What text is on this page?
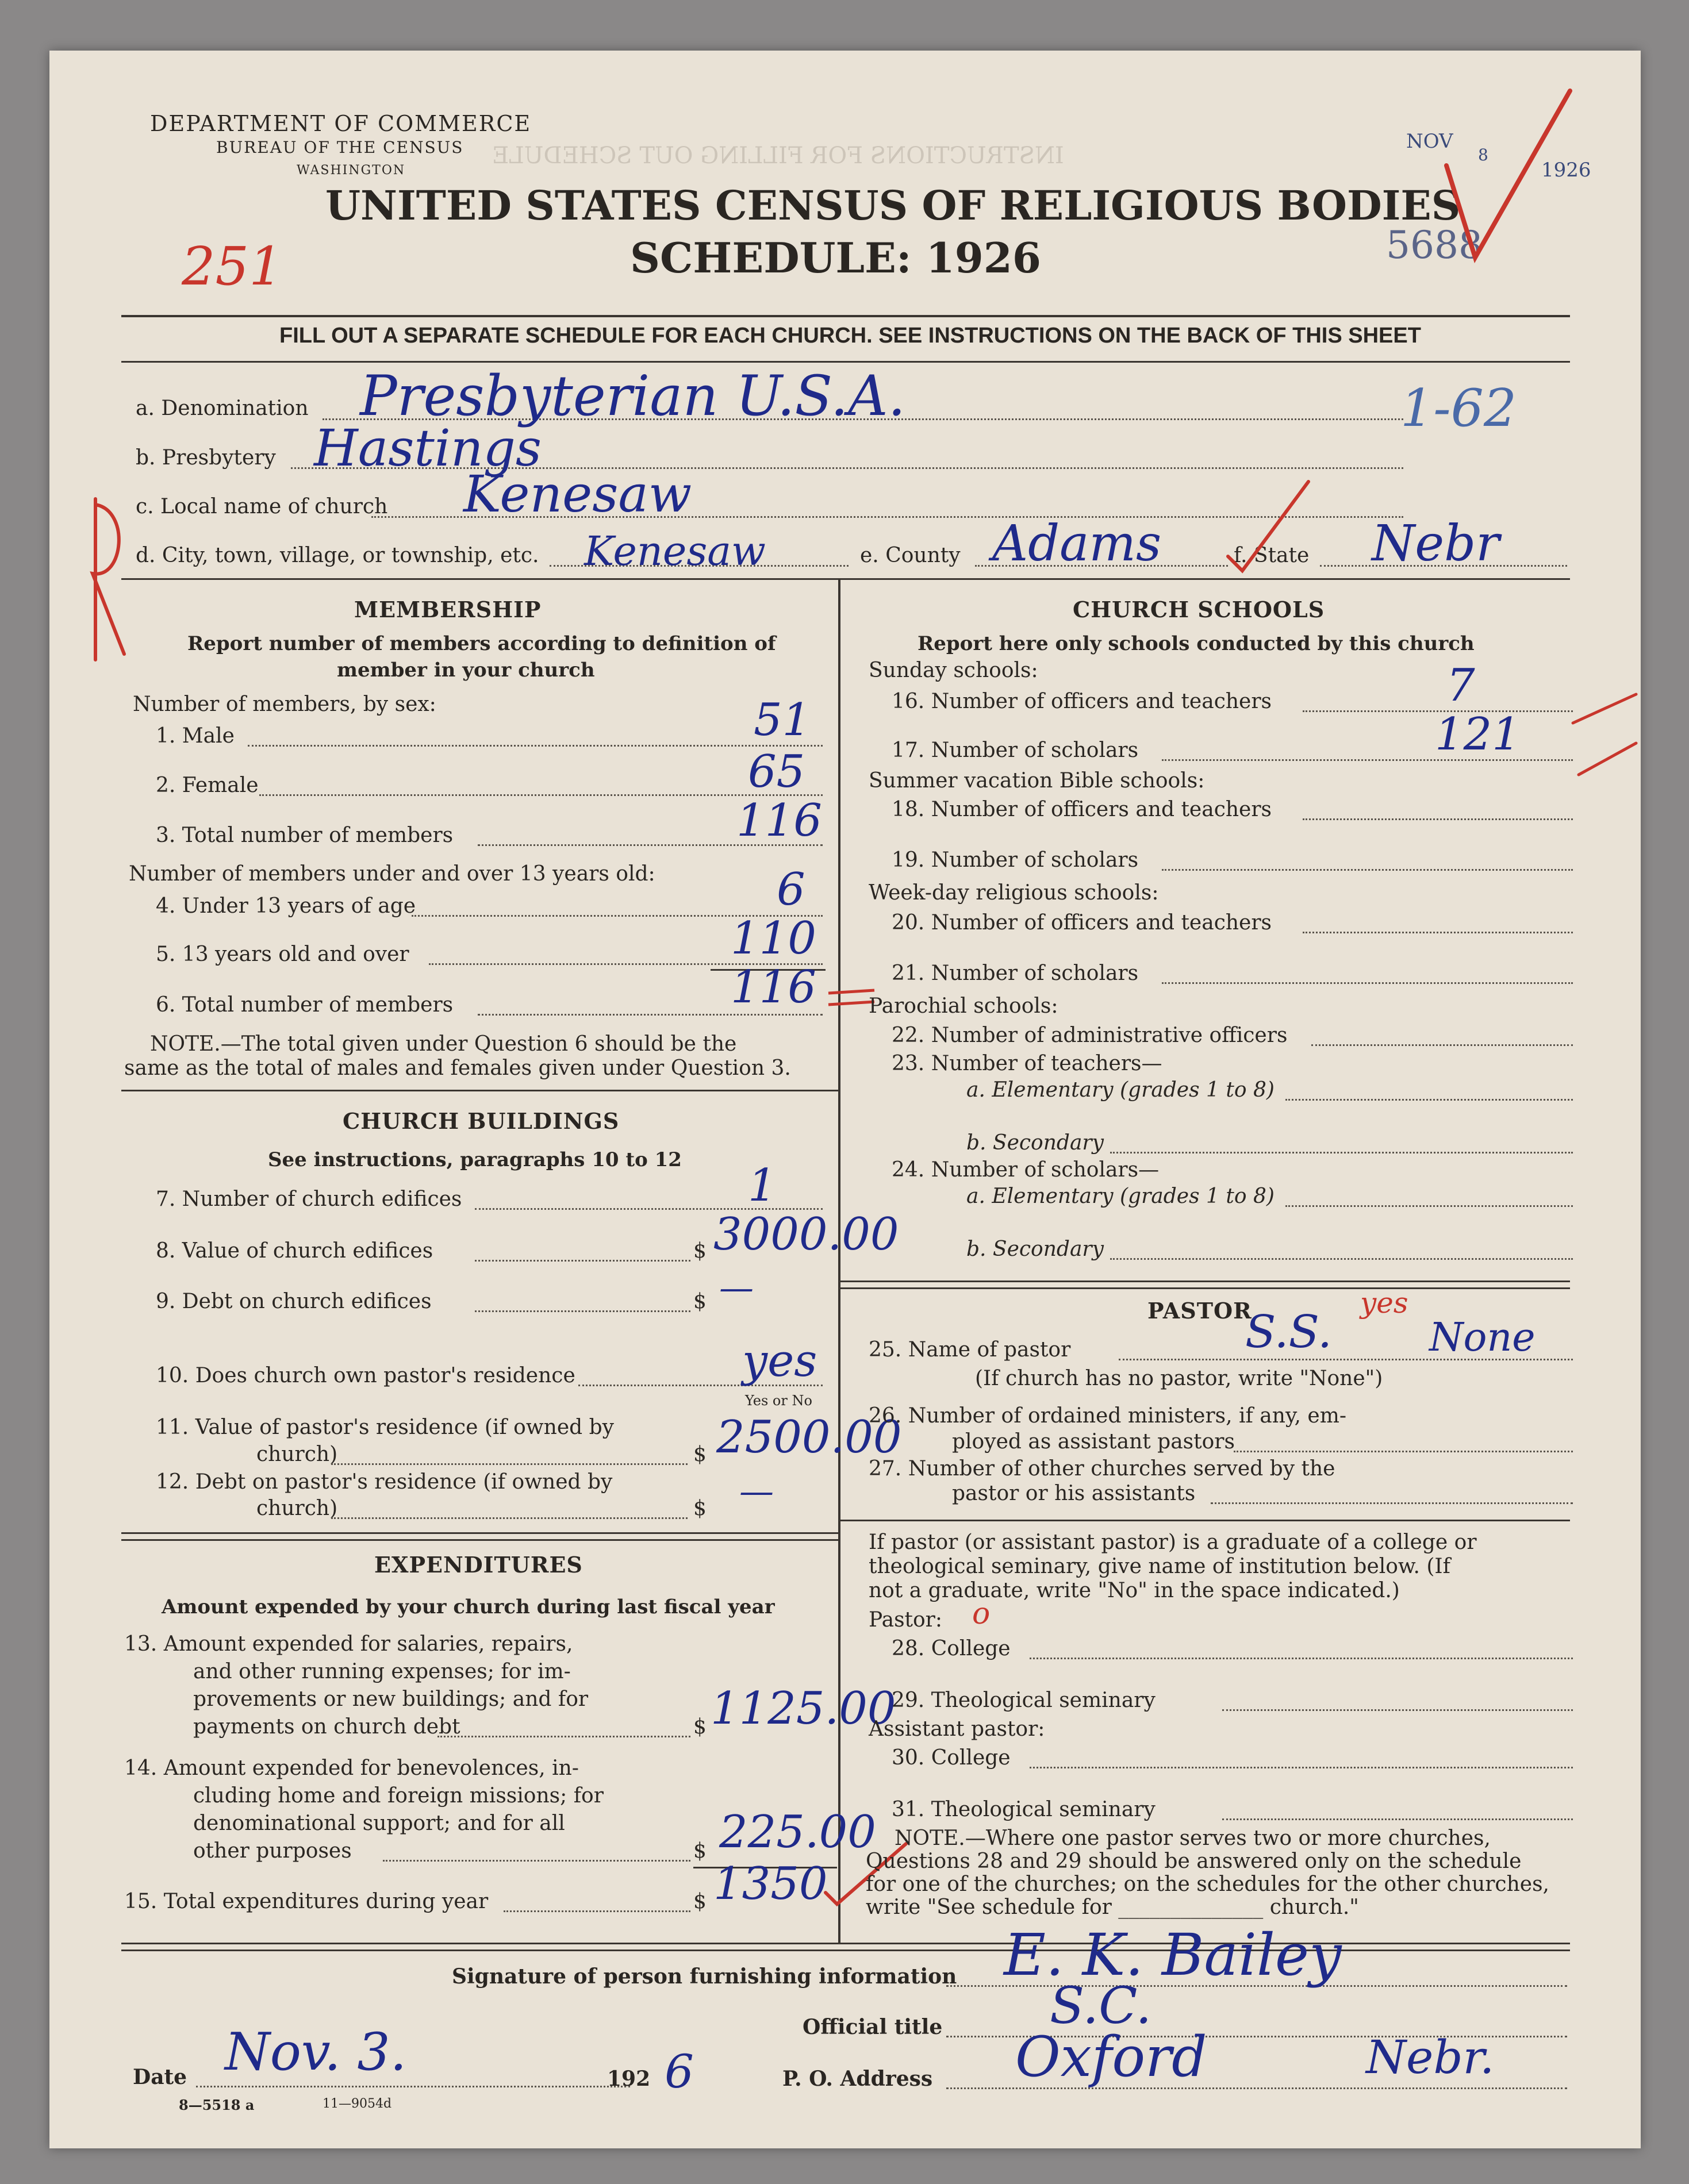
INSTRUCTIONS FOR FILLING OUT SCHEDULE
DEPARTMENT OF COMMERCE
BUREAU OF THE CENSUS
WASHINGTON
UNITED STATES CENSUS OF RELIGIOUS BODIES
SCHEDULE: 1926
NOV
8
1926
5688
251
FILL OUT A SEPARATE SCHEDULE FOR EACH CHURCH. SEE INSTRUCTIONS ON THE BACK OF THIS SHEET
a. Denomination Presbyterian U.S.A.	1-62
b. Presbytery Hastings
c. Local name of church Kenesaw
d. City, town, village, or township, etc. Kenesaw	e. County Adams	f. State Nebr
MEMBERSHIP
Report number of members according to definition of
member in your church
Number of members, by sex:
1. Male	51
2. Female	65
3. Total number of members	116
Number of members under and over 13 years old:
4. Under 13 years of age	6
5. 13 years old and over	110
6. Total number of members	116
NOTE.—The total given under Question 6 should be the
same as the total of males and females given under Question 3.
CHURCH BUILDINGS
See instructions, paragraphs 10 to 12
7. Number of church edifices	1
8. Value of church edifices	$ 3000.00
9. Debt on church edifices	$ —
10. Does church own pastor's residence	yes
Yes or No
11. Value of pastor's residence (if owned by
church)	$ 2500.00
12. Debt on pastor's residence (if owned by
church)	$ —
EXPENDITURES
Amount expended by your church during last fiscal year
13. Amount expended for salaries, repairs,
and other running expenses; for im-
provements or new buildings; and for
payments on church debt	$ 1125.00
14. Amount expended for benevolences, in-
cluding home and foreign missions; for
denominational support; and for all
other purposes	$ 225.00
15. Total expenditures during year	$ 1350
CHURCH SCHOOLS
Report here only schools conducted by this church
Sunday schools:
16. Number of officers and teachers	7
17. Number of scholars	121
Summer vacation Bible schools:
18. Number of officers and teachers
19. Number of scholars
Week-day religious schools:
20. Number of officers and teachers
21. Number of scholars
Parochial schools:
22. Number of administrative officers
23. Number of teachers—
a. Elementary (grades 1 to 8)
b. Secondary
24. Number of scholars—
a. Elementary (grades 1 to 8)
b. Secondary
PASTOR
25. Name of pastor	S.S.
yes
None
(If church has no pastor, write "None")
26. Number of ordained ministers, if any, em-
ployed as assistant pastors
27. Number of other churches served by the
pastor or his assistants
If pastor (or assistant pastor) is a graduate of a college or
theological seminary, give name of institution below. (If
not a graduate, write "No" in the space indicated.)
Pastor: o
28. College
29. Theological seminary
Assistant pastor:
30. College
31. Theological seminary
NOTE.—Where one pastor serves two or more churches,
Questions 28 and 29 should be answered only on the schedule
for one of the churches; on the schedules for the other churches,
write "See schedule for ______________ church."
Signature of person furnishing information E. K. Bailey
Official title S.C.
Date Nov. 3.	192 6	P. O. Address Oxford	Nebr.
8—5518 a	11—9054d
